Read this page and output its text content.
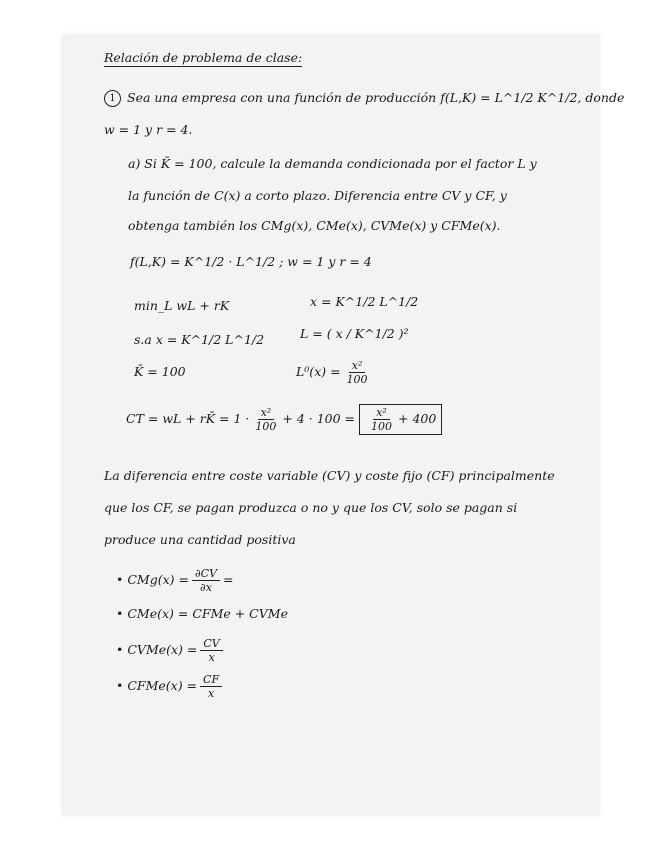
Relación de problema de clase:
1 Sea una empresa con una función de producción f(L,K) = L^1/2 K^1/2, donde
w = 1 y r = 4.
a) Si K̄ = 100, calcule la demanda condicionada por el factor L y
la función de C(x) a corto plazo. Diferencia entre CV y CF, y
obtenga también los CMg(x), CMe(x), CVMe(x) y CFMe(x).
f(L,K) = K^1/2 · L^1/2 ; w = 1 y r = 4
min_L wL + rK
s.a x = K^1/2 L^1/2
K̄ = 100
x = K^1/2 L^1/2
L = ( x / K^1/2 )²
$L^0(x) = \frac{\text{x²}}{100}$
CT = wL + rK̄ = $1 \cdot \frac{\text{x²}}{100} + 4 \cdot 100 = \frac{\text{x²}}{100} + 400$
La diferencia entre coste variable (CV) y coste fijo (CF) principalmente
que los CF, se pagan produzca o no y que los CV, solo se pagan si
produce una cantidad positiva
• $CMg(x) = \frac{\partial CV}{\partial x}$ =
• CMe(x) = CFMe + CVMe
• CVMe(x) = $\frac{CV}{x}$
• CFMe(x) = $\frac{CF}{x}$
